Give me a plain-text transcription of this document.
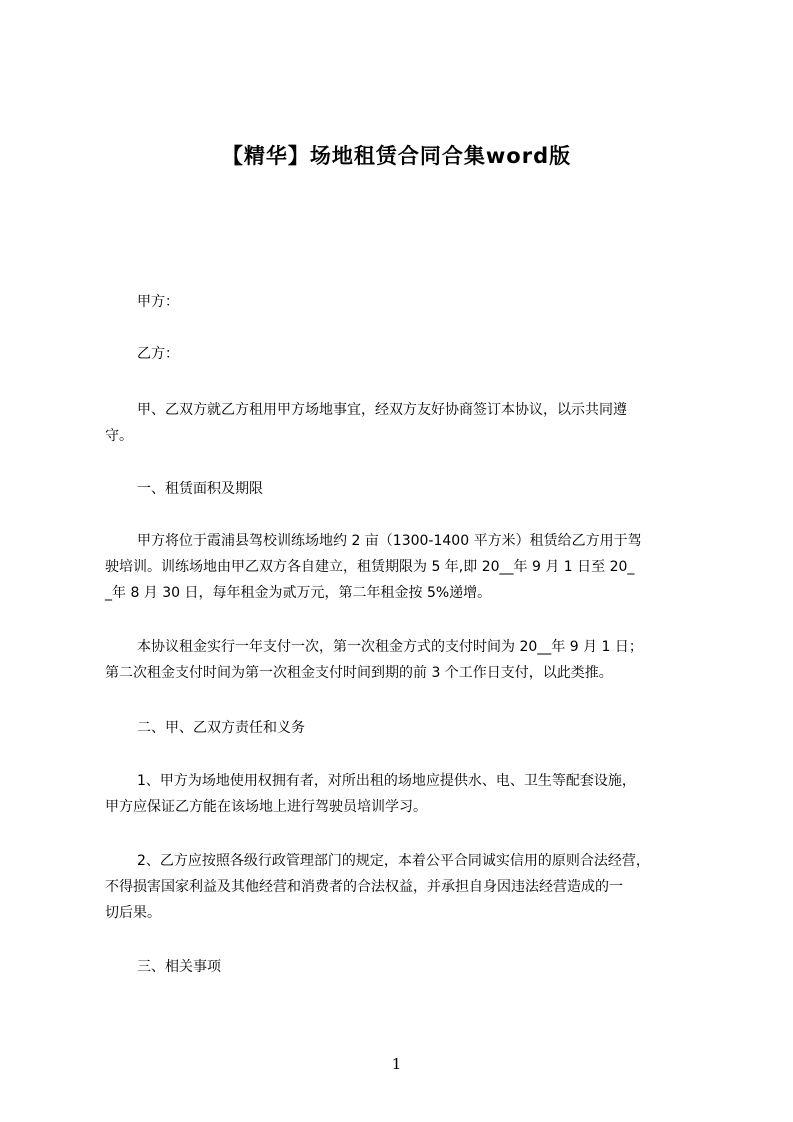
【精华】场地租赁合同合集word版

甲方：

乙方：

甲、乙双方就乙方租用甲方场地事宜，经双方友好协商签订本协议，以示共同遵
守。

一、租赁面积及期限

甲方将位于霞浦县驾校训练场地约 2 亩（1300-1400 平方米）租赁给乙方用于驾
驶培训。训练场地由甲乙双方各自建立，租赁期限为 5 年,即 20__年 9 月 1 日至 20_
_年 8 月 30 日，每年租金为贰万元，第二年租金按 5%递增。

本协议租金实行一年支付一次，第一次租金方式的支付时间为 20__年 9 月 1 日；
第二次租金支付时间为第一次租金支付时间到期的前 3 个工作日支付，以此类推。

二、甲、乙双方责任和义务

1、甲方为场地使用权拥有者，对所出租的场地应提供水、电、卫生等配套设施，
甲方应保证乙方能在该场地上进行驾驶员培训学习。

2、乙方应按照各级行政管理部门的规定，本着公平合同诚实信用的原则合法经营，
不得损害国家利益及其他经营和消费者的合法权益，并承担自身因违法经营造成的一
切后果。

三、相关事项

1
